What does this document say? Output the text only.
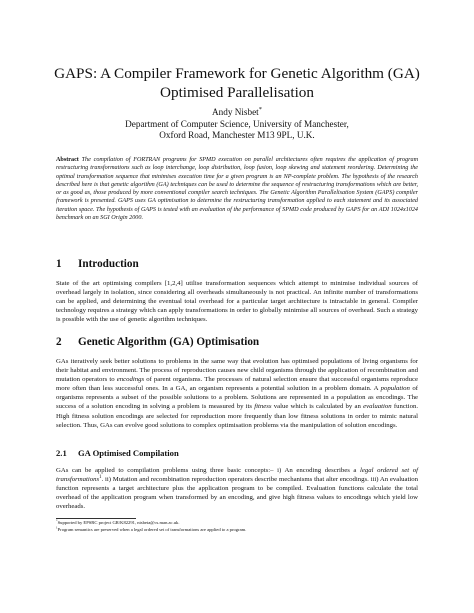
GAPS: A Compiler Framework for Genetic Algorithm (GA)
Optimised Parallelisation
Andy Nisbet*
Department of Computer Science, University of Manchester,
Oxford Road, Manchester M13 9PL, U.K.
Abstract The compilation of FORTRAN programs for SPMD execution on parallel architectures often requires the application of program restructuring transformations such as loop interchange, loop distribution, loop fusion, loop skewing and statement reordering. Determining the optimal transformation sequence that minimises execution time for a given program is an NP-complete problem. The hypothesis of the research described here is that genetic algorithm (GA) techniques can be used to determine the sequence of restructuring transformations which are better, or as good as, those produced by more conventional compiler search techniques. The Genetic Algorithm Parallelisation System (GAPS) compiler framework is presented. GAPS uses GA optimisation to determine the restructuring transformation applied to each statement and its associated iteration space. The hypothesis of GAPS is tested with an evaluation of the performance of SPMD code produced by GAPS for an ADI 1024x1024 benchmark on an SGI Origin 2000.
1 Introduction
State of the art optimising compilers [1,2,4] utilise transformation sequences which attempt to minimise individual sources of overhead largely in isolation, since considering all overheads simultaneously is not practical. An infinite number of transformations can be applied, and determining the eventual total overhead for a particular target architecture is intractable in general. Compiler technology requires a strategy which can apply transformations in order to globally minimise all sources of overhead. Such a strategy is possible with the use of genetic algorithm techniques.
2 Genetic Algorithm (GA) Optimisation
GAs iteratively seek better solutions to problems in the same way that evolution has optimised populations of living organisms for their habitat and environment. The process of reproduction causes new child organisms through the application of recombination and mutation operators to encodings of parent organisms. The processes of natural selection ensure that successful organisms reproduce more often than less successful ones. In a GA, an organism represents a potential solution in a problem domain. A population of organisms represents a subset of the possible solutions to a problem. Solutions are represented in a population as encodings. The success of a solution encoding in solving a problem is measured by its fitness value which is calculated by an evaluation function. High fitness solution encodings are selected for reproduction more frequently than low fitness solutions in order to mimic natural selection. Thus, GAs can evolve good solutions to complex optimisation problems via the manipulation of solution encodings.
2.1 GA Optimised Compilation
GAs can be applied to compilation problems using three basic concepts:– i) An encoding describes a legal ordered set of transformations$^1$. ii) Mutation and recombination reproduction operators describe mechanisms that alter encodings. iii) An evaluation function represents a target architecture plus the application program to be compiled. Evaluation functions calculate the total overhead of the application program when transformed by an encoding, and give high fitness values to encodings which yield low overheads.
*Supported by EPSRC project GR/K82291, nisbeta@cs.man.ac.uk.
$^1$Program semantics are preserved when a legal ordered set of transformations are applied to a program.
